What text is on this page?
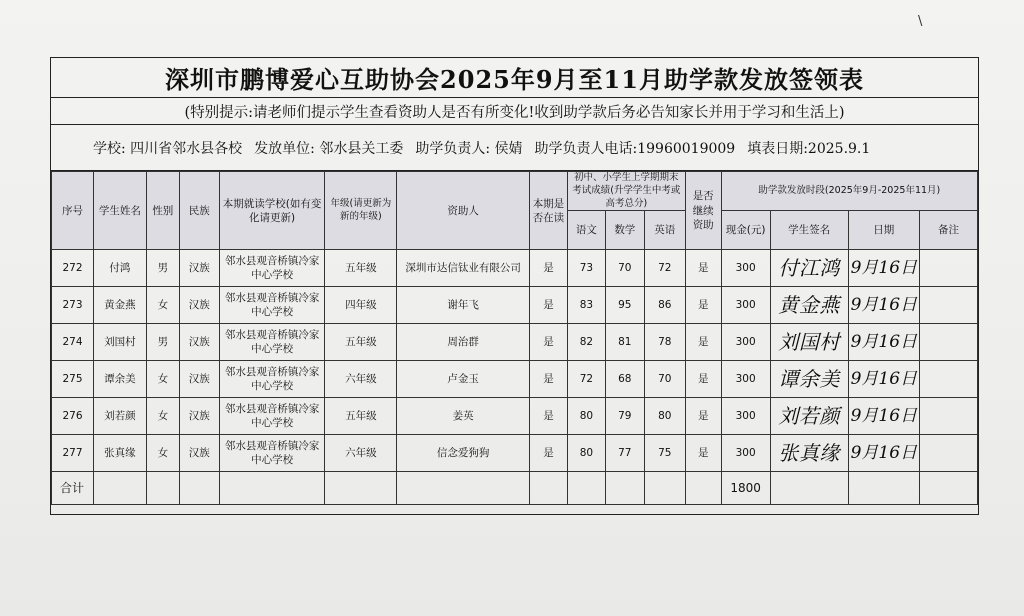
\
深圳市鹏博爱心互助协会2025年9月至11月助学款发放签领表
(特别提示:请老师们提示学生查看资助人是否有所变化!收到助学款后务必告知家长并用于学习和生活上)
学校: 四川省邻水县各校 发放单位: 邻水县关工委 助学负责人: 侯婧 助学负责人电话:19960019009 填表日期:2025.9.1
序号	学生姓名	性别	民族	本期就读学校(如有变化请更新)	年级(请更新为新的年级)	资助人	本期是否在读	初中、小学生上学期期末考试成绩(升学学生中考或高考总分)			是否继续资助	助学款发放时段(2025年9月-2025年11月)			
								语文	数学	英语		现金(元)	学生签名	日期	备注
272	付鸿	男	汉族	邻水县观音桥镇冷家中心学校	五年级	深圳市达信钛业有限公司	是	73	70	72	是	300	付江鸿	9月16日	
273	黄金燕	女	汉族	邻水县观音桥镇冷家中心学校	四年级	谢年飞	是	83	95	86	是	300	黄金燕	9月16日	
274	刘国村	男	汉族	邻水县观音桥镇冷家中心学校	五年级	周治群	是	82	81	78	是	300	刘国村	9月16日	
275	谭余美	女	汉族	邻水县观音桥镇冷家中心学校	六年级	卢金玉	是	72	68	70	是	300	谭余美	9月16日	
276	刘若颜	女	汉族	邻水县观音桥镇冷家中心学校	五年级	姜英	是	80	79	80	是	300	刘若颜	9月16日	
277	张真缘	女	汉族	邻水县观音桥镇冷家中心学校	六年级	信念爱狗狗	是	80	77	75	是	300	张真缘	9月16日	
合计												1800			
